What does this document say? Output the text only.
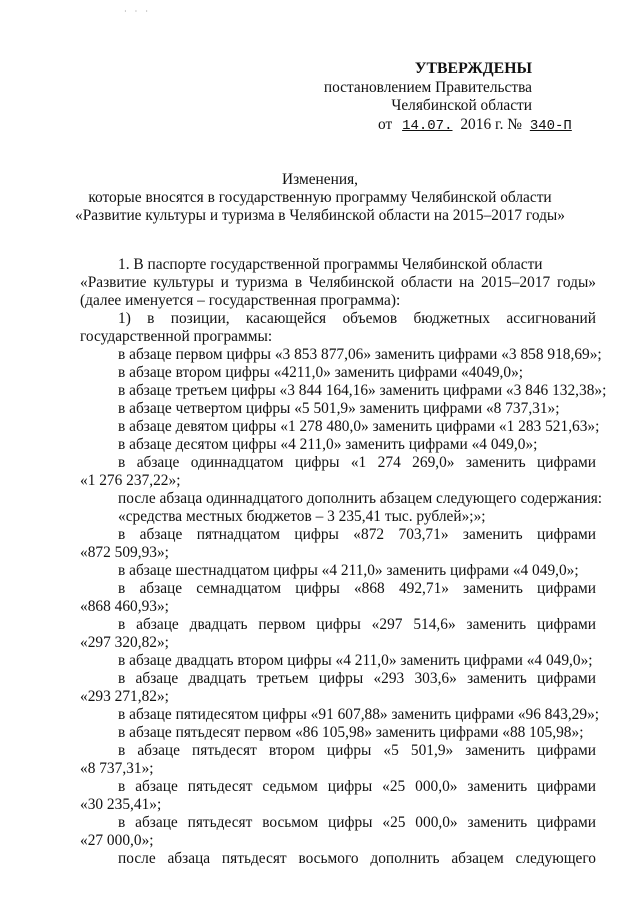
· · ·
УТВЕРЖДЕНЫ
постановлением Правительства
Челябинской области
от 14.07. 2016 г. № 340-П
Изменения,
которые вносятся в государственную программу Челябинской области
«Развитие культуры и туризма в Челябинской области на 2015–2017 годы»
1. В паспорте государственной программы Челябинской области
«Развитие культуры и туризма в Челябинской области на 2015–2017 годы»
(далее именуется – государственная программа):
1) в позиции, касающейся объемов бюджетных ассигнований
государственной программы:
в абзаце первом цифры «3 853 877,06» заменить цифрами «3 858 918,69»;
в абзаце втором цифры «4211,0» заменить цифрами «4049,0»;
в абзаце третьем цифры «3 844 164,16» заменить цифрами «3 846 132,38»;
в абзаце четвертом цифры «5 501,9» заменить цифрами «8 737,31»;
в абзаце девятом цифры «1 278 480,0» заменить цифрами «1 283 521,63»;
в абзаце десятом цифры «4 211,0» заменить цифрами «4 049,0»;
в абзаце одиннадцатом цифры «1 274 269,0» заменить цифрами
«1 276 237,22»;
после абзаца одиннадцатого дополнить абзацем следующего содержания:
«средства местных бюджетов – 3 235,41 тыс. рублей»;»;
в абзаце пятнадцатом цифры «872 703,71» заменить цифрами
«872 509,93»;
в абзаце шестнадцатом цифры «4 211,0» заменить цифрами «4 049,0»;
в абзаце семнадцатом цифры «868 492,71» заменить цифрами
«868 460,93»;
в абзаце двадцать первом цифры «297 514,6» заменить цифрами
«297 320,82»;
в абзаце двадцать втором цифры «4 211,0» заменить цифрами «4 049,0»;
в абзаце двадцать третьем цифры «293 303,6» заменить цифрами
«293 271,82»;
в абзаце пятидесятом цифры «91 607,88» заменить цифрами «96 843,29»;
в абзаце пятьдесят первом «86 105,98» заменить цифрами «88 105,98»;
в абзаце пятьдесят втором цифры «5 501,9» заменить цифрами
«8 737,31»;
в абзаце пятьдесят седьмом цифры «25 000,0» заменить цифрами
«30 235,41»;
в абзаце пятьдесят восьмом цифры «25 000,0» заменить цифрами
«27 000,0»;
после абзаца пятьдесят восьмого дополнить абзацем следующего
